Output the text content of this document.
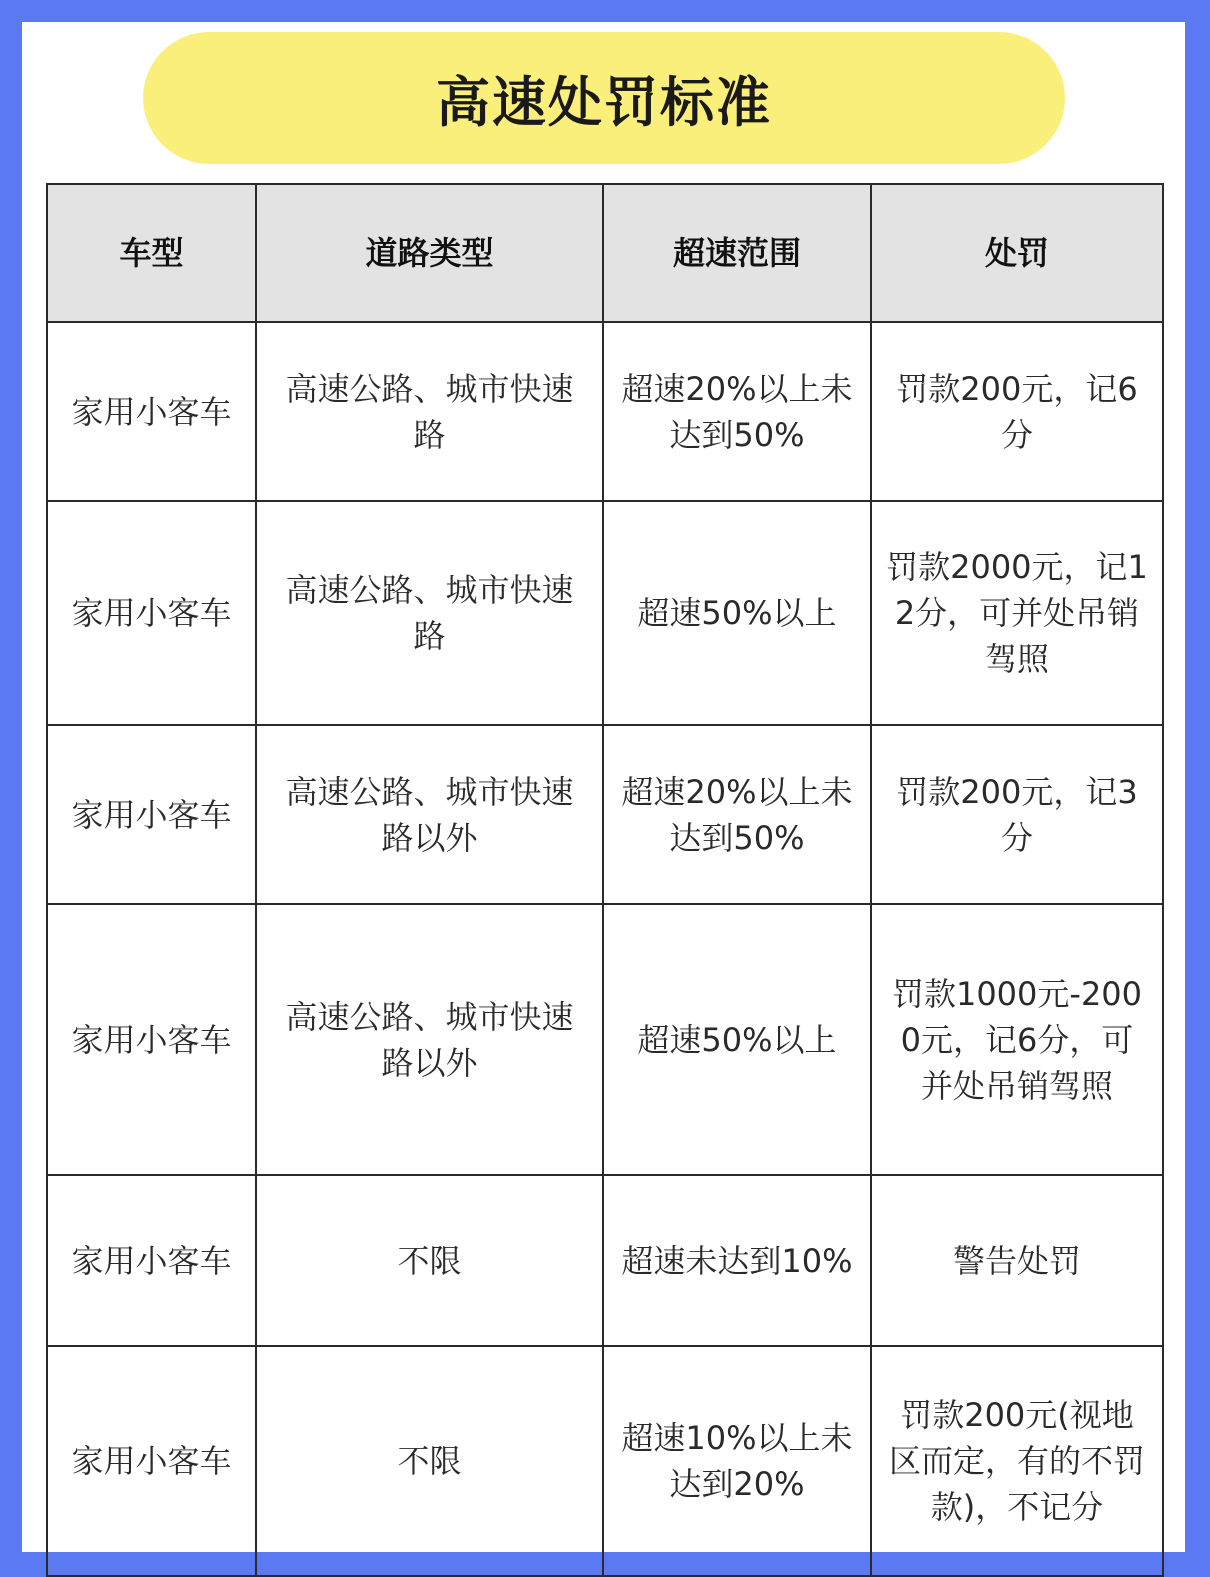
高速处罚标准
车型	道路类型	超速范围	处罚
家用小客车	高速公路、城市快速路	超速20%以上未达到50%	罚款200元，记6分
家用小客车	高速公路、城市快速路	超速50%以上	罚款2000元，记12分，可并处吊销驾照
家用小客车	高速公路、城市快速路以外	超速20%以上未达到50%	罚款200元，记3分
家用小客车	高速公路、城市快速路以外	超速50%以上	罚款1000元-2000元，记6分，可并处吊销驾照
家用小客车	不限	超速未达到10%	警告处罚
家用小客车	不限	超速10%以上未达到20%	罚款200元(视地区而定，有的不罚款)，不记分
